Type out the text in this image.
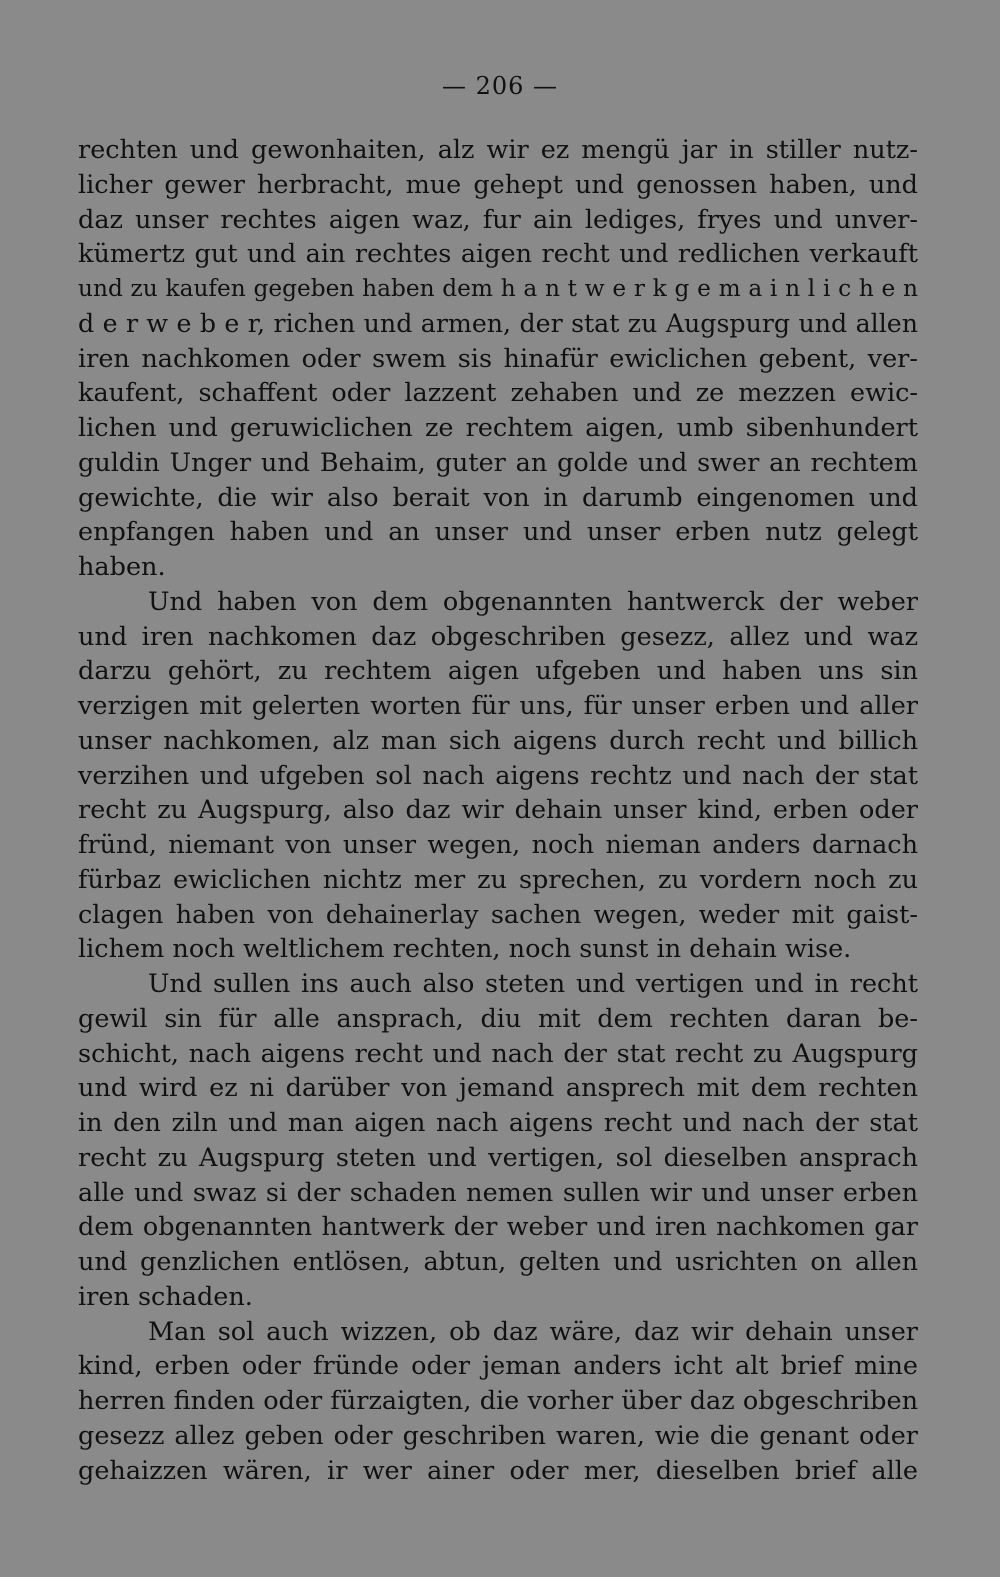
— 206 —
rechten und gewonhaiten, alz wir ez mengü jar in stiller nutz-
licher gewer herbracht, mue gehept und genossen haben, und
daz unser rechtes aigen waz, fur ain lediges, fryes und unver-
kümertz gut und ain rechtes aigen recht und redlichen verkauft
und zu kaufen gegeben haben dem h a n t w e r k g e m a i n l i c h e n
d e r w e b e r, richen und armen, der stat zu Augspurg und allen
iren nachkomen oder swem sis hinafür ewiclichen gebent, ver-
kaufent, schaffent oder lazzent zehaben und ze mezzen ewic-
lichen und geruwiclichen ze rechtem aigen, umb sibenhundert
guldin Unger und Behaim, guter an golde und swer an rechtem
gewichte, die wir also berait von in darumb eingenomen und
enpfangen haben und an unser und unser erben nutz gelegt
haben.
Und haben von dem obgenannten hantwerck der weber
und iren nachkomen daz obgeschriben gesezz, allez und waz
darzu gehört, zu rechtem aigen ufgeben und haben uns sin
verzigen mit gelerten worten für uns, für unser erben und aller
unser nachkomen, alz man sich aigens durch recht und billich
verzihen und ufgeben sol nach aigens rechtz und nach der stat
recht zu Augspurg, also daz wir dehain unser kind, erben oder
fründ, niemant von unser wegen, noch nieman anders darnach
fürbaz ewiclichen nichtz mer zu sprechen, zu vordern noch zu
clagen haben von dehainerlay sachen wegen, weder mit gaist-
lichem noch weltlichem rechten, noch sunst in dehain wise.
Und sullen ins auch also steten und vertigen und in recht
gewil sin für alle ansprach, diu mit dem rechten daran be-
schicht, nach aigens recht und nach der stat recht zu Augspurg
und wird ez ni darüber von jemand ansprech mit dem rechten
in den ziln und man aigen nach aigens recht und nach der stat
recht zu Augspurg steten und vertigen, sol dieselben ansprach
alle und swaz si der schaden nemen sullen wir und unser erben
dem obgenannten hantwerk der weber und iren nachkomen gar
und genzlichen entlösen, abtun, gelten und usrichten on allen
iren schaden.
Man sol auch wizzen, ob daz wäre, daz wir dehain unser
kind, erben oder fründe oder jeman anders icht alt brief mine
herren finden oder fürzaigten, die vorher über daz obgeschriben
gesezz allez geben oder geschriben waren, wie die genant oder
gehaizzen wären, ir wer ainer oder mer, dieselben brief alle
